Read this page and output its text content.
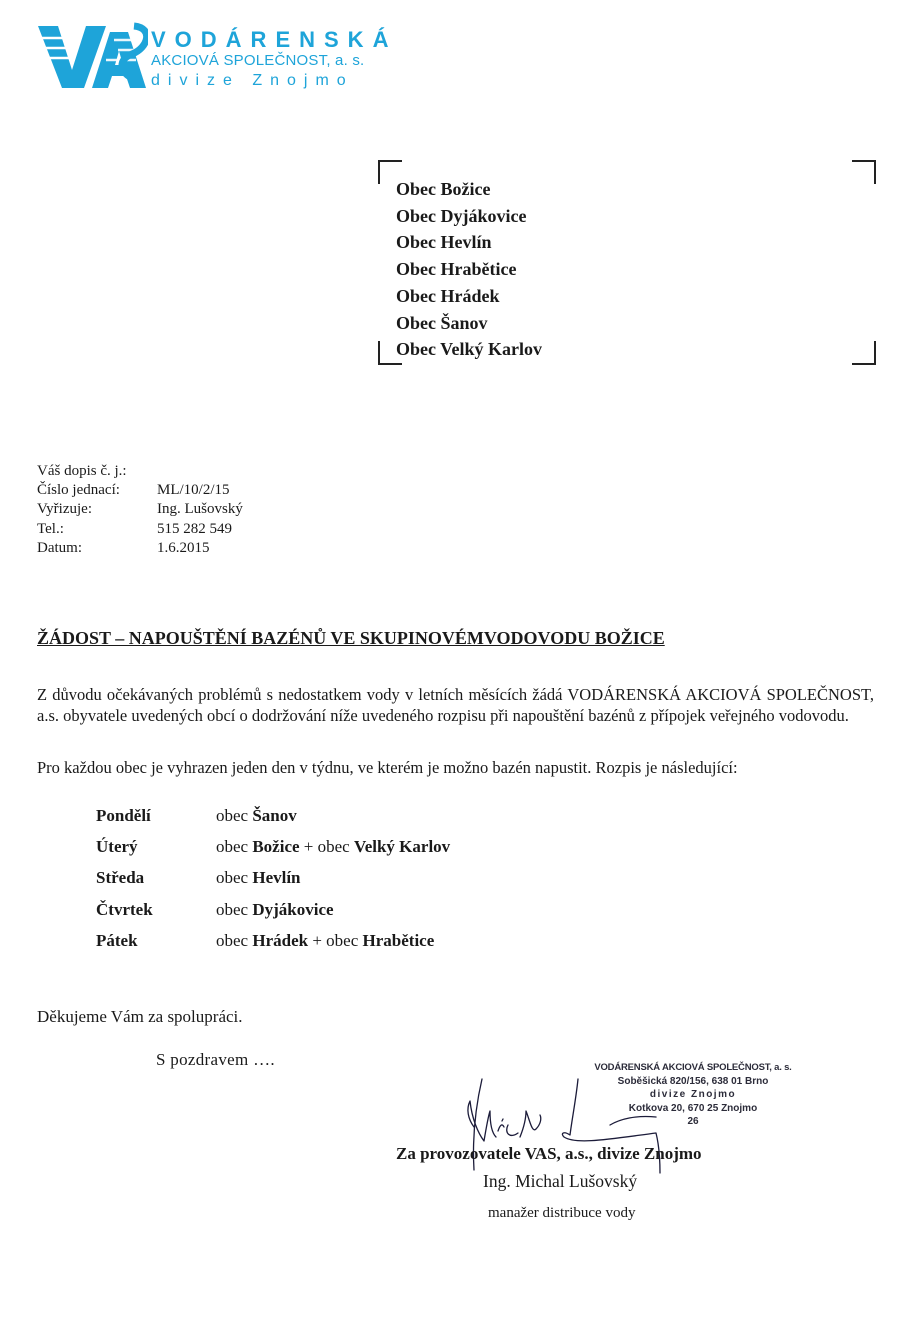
VODÁRENSKÁ
AKCIOVÁ SPOLEČNOST, a. s.
divize Znojmo
Obec Božice
Obec Dyjákovice
Obec Hevlín
Obec Hrabětice
Obec Hrádek
Obec Šanov
Obec Velký Karlov
Váš dopis č. j.:
Číslo jednací:	ML/10/2/15
Vyřizuje:	Ing. Lušovský
Tel.:	515 282 549
Datum:	1.6.2015
ŽÁDOST – NAPOUŠTĚNÍ BAZÉNŮ VE SKUPINOVÉMVODOVODU BOŽICE
Z důvodu očekávaných problémů s nedostatkem vody v letních měsících žádá VODÁRENSKÁ AKCIOVÁ SPOLEČNOST, a.s. obyvatele uvedených obcí o dodržování níže uvedeného rozpisu při napouštění bazénů z přípojek veřejného vodovodu.
Pro každou obec je vyhrazen jeden den v týdnu, ve kterém je možno bazén napustit. Rozpis je následující:
Pondělí	obec Šanov
Úterý	obec Božice + obec Velký Karlov
Středa	obec Hevlín
Čtvrtek	obec Dyjákovice
Pátek	obec Hrádek + obec Hrabětice
Děkujeme Vám za spolupráci.
S pozdravem ….	VODÁRENSKÁ AKCIOVÁ SPOLEČNOST, a. s.
Soběšická 820/156, 638 01 Brno
divize Znojmo
Kotkova 20, 670 25 Znojmo
26
Za provozovatele VAS, a.s., divize Znojmo
Ing. Michal Lušovský
manažer distribuce vody
